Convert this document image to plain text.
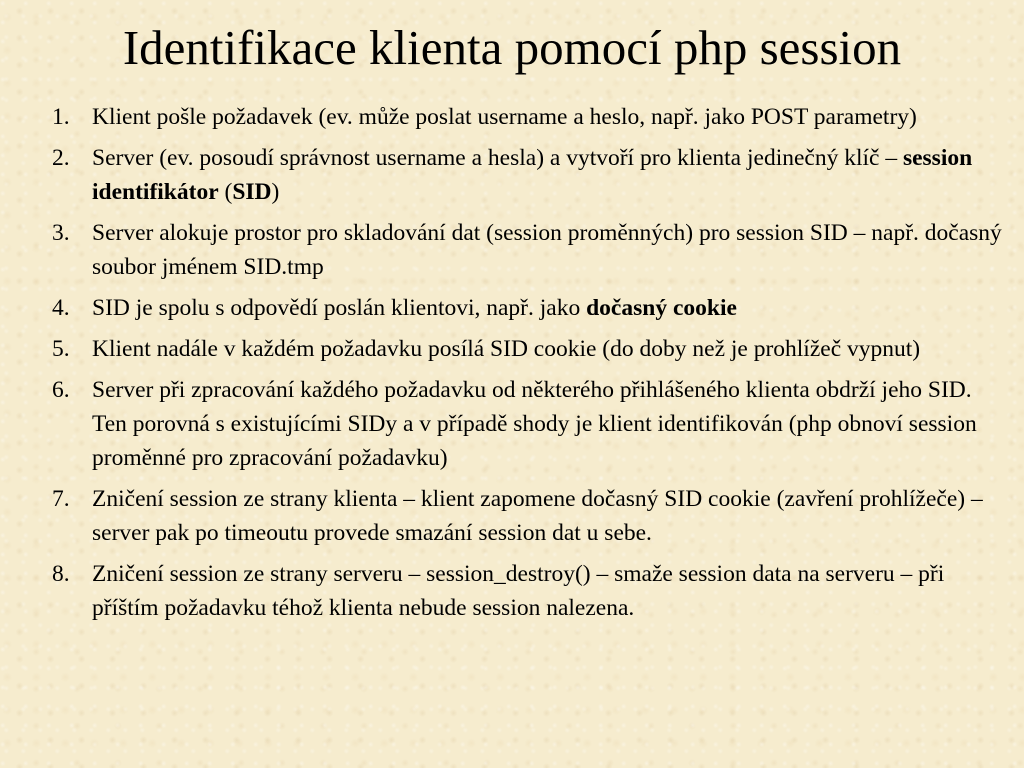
Identifikace klienta pomocí php session
1. Klient pošle požadavek (ev. může poslat username a heslo, např. jako POST parametry)
2. Server (ev. posoudí správnost username a hesla) a vytvoří pro klienta jedinečný klíč – session identifikátor (SID)
3. Server alokuje prostor pro skladování dat (session proměnných) pro session SID – např. dočasný soubor jménem SID.tmp
4. SID je spolu s odpovědí poslán klientovi, např. jako dočasný cookie
5. Klient nadále v každém požadavku posílá SID cookie (do doby než je prohlížeč vypnut)
6. Server při zpracování každého požadavku od některého přihlášeného klienta obdrží jeho SID. Ten porovná s existujícími SIDy a v případě shody je klient identifikován (php obnoví session proměnné pro zpracování požadavku)
7. Zničení session ze strany klienta – klient zapomene dočasný SID cookie (zavření prohlížeče) – server pak po timeoutu provede smazání session dat u sebe.
8. Zničení session ze strany serveru – session_destroy() – smaže session data na serveru – při příštím požadavku téhož klienta nebude session nalezena.
